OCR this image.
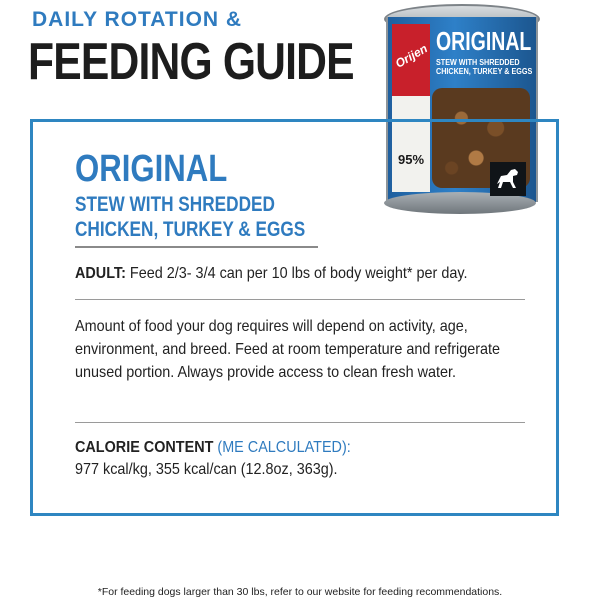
DAILY ROTATION &
FEEDING GUIDE	Orijen
95%
ORIGINAL
STEW WITH SHREDDED
CHICKEN, TURKEY & EGGS
ORIGINAL
STEW WITH SHREDDED
CHICKEN, TURKEY & EGGS
ADULT: Feed 2/3- 3/4 can per 10 lbs of body weight* per day.
Amount of food your dog requires will depend on activity, age, environment, and breed. Feed at room temperature and refrigerate unused portion. Always provide access to clean fresh water.
CALORIE CONTENT (ME CALCULATED):
977 kcal/kg, 355 kcal/can (12.8oz, 363g).
*For feeding dogs larger than 30 lbs, refer to our website for feeding recommendations.
